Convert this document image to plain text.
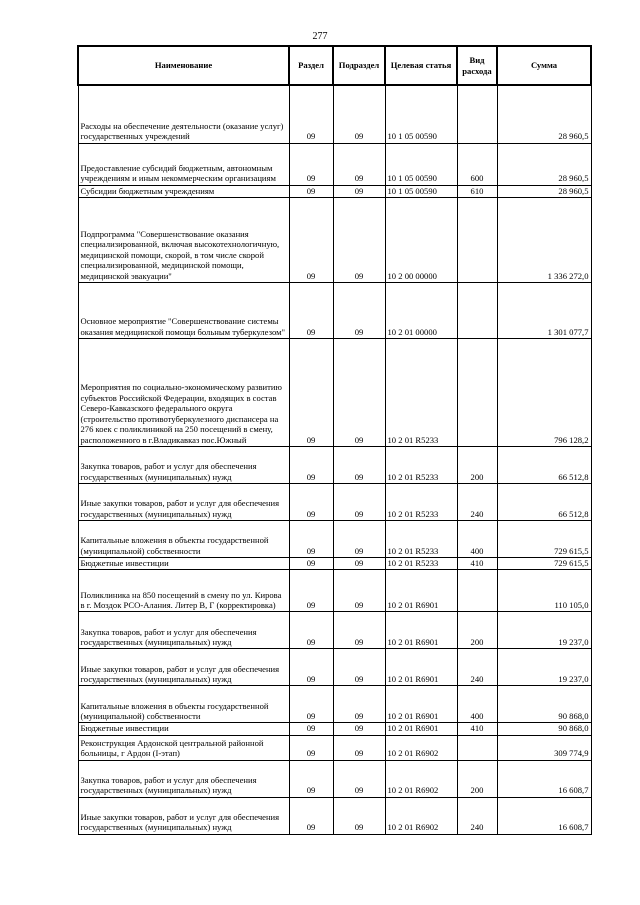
277
Наименование	Раздел	Подраздел	Целевая статья	Вид расхода	Сумма
Расходы на обеспечение деятельности (оказание услуг) государственных учреждений	09	09	10 1 05 00590		28 960,5
Предоставление субсидий бюджетным, автономным учреждениям и иным некоммерческим организациям	09	09	10 1 05 00590	600	28 960,5
Субсидии бюджетным учреждениям	09	09	10 1 05 00590	610	28 960,5
Подпрограмма "Совершенствование оказания специализированной, включая высокотехнологичную, медицинской помощи, скорой, в том числе скорой специализированной, медицинской помощи, медицинской эвакуации"	09	09	10 2 00 00000		1 336 272,0
Основное мероприятие "Совершенствование системы оказания медицинской помощи больным туберкулезом"	09	09	10 2 01 00000		1 301 077,7
Мероприятия по социально-экономическому развитию субъектов Российской Федерации, входящих в состав Северо-Кавказского федерального округа (строительство противотуберкулезного диспансера на 276 коек с поликлиникой на 250 посещений в смену, расположенного в г.Владикавказ пос.Южный	09	09	10 2 01 R5233		796 128,2
Закупка товаров, работ и услуг для обеспечения государственных (муниципальных) нужд	09	09	10 2 01 R5233	200	66 512,8
Иные закупки товаров, работ и услуг для обеспечения государственных (муниципальных) нужд	09	09	10 2 01 R5233	240	66 512,8
Капитальные вложения в объекты государственной (муниципальной) собственности	09	09	10 2 01 R5233	400	729 615,5
Бюджетные инвестиции	09	09	10 2 01 R5233	410	729 615,5
Поликлиника на 850 посещений в смену по ул. Кирова в г. Моздок РСО-Алания. Литер В, Г (корректировка)	09	09	10 2 01 R6901		110 105,0
Закупка товаров, работ и услуг для обеспечения государственных (муниципальных) нужд	09	09	10 2 01 R6901	200	19 237,0
Иные закупки товаров, работ и услуг для обеспечения государственных (муниципальных) нужд	09	09	10 2 01 R6901	240	19 237,0
Капитальные вложения в объекты государственной (муниципальной) собственности	09	09	10 2 01 R6901	400	90 868,0
Бюджетные инвестиции	09	09	10 2 01 R6901	410	90 868,0
Реконструкция Ардонской центральной районной больницы, г Ардон (I-этап)	09	09	10 2 01 R6902		309 774,9
Закупка товаров, работ и услуг для обеспечения государственных (муниципальных) нужд	09	09	10 2 01 R6902	200	16 608,7
Иные закупки товаров, работ и услуг для обеспечения государственных (муниципальных) нужд	09	09	10 2 01 R6902	240	16 608,7
